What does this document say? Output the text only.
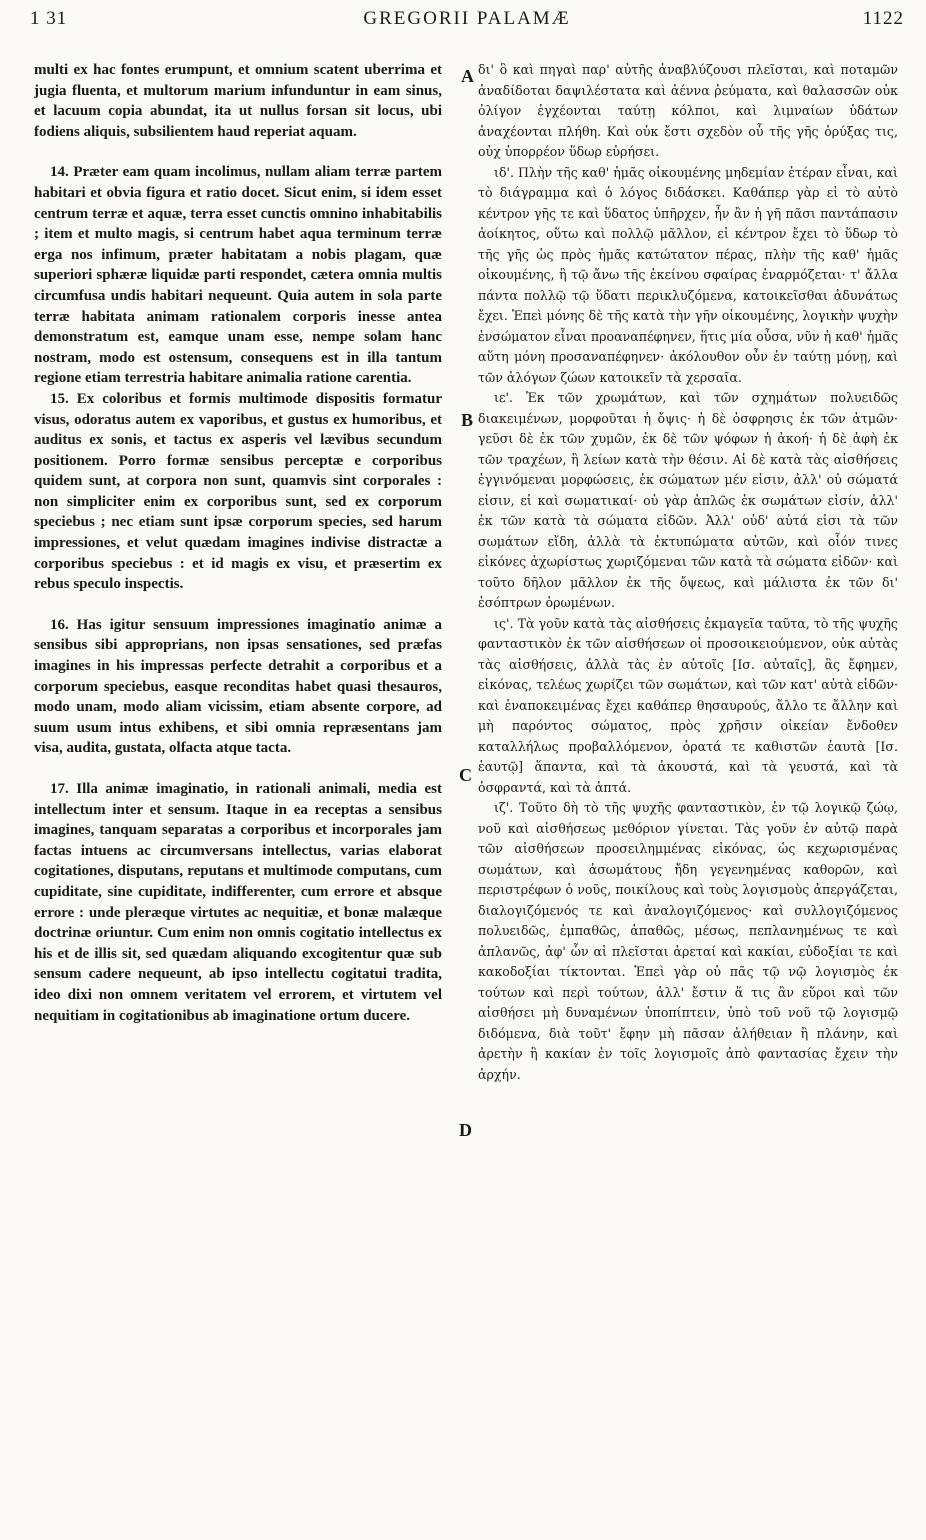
1 31	GREGORII PALAMÆ	1122

multi ex hac fontes erumpunt, et omnium scatent uberrima et jugia fluenta, et multorum marium infunduntur in eam sinus, et lacuum copia abundat, ita ut nullus forsan sit locus, ubi fodiens aliquis, subsilientem haud reperiat aquam.

14. Præter eam quam incolimus, nullam aliam terræ partem habitari et obvia figura et ratio docet. Sicut enim, si idem esset centrum terræ et aquæ, terra esset cunctis omnino inhabitabilis ; item et multo magis, si centrum habet aqua terminum terræ erga nos infimum, præter habitatam a nobis plagam, quæ superiori sphæræ liquidæ parti respondet, cætera omnia multis circumfusa undis habitari nequeunt. Quia autem in sola parte terræ habitata animam rationalem corporis inesse antea demonstratum est, eamque unam esse, nempe solam hanc nostram, modo est ostensum, consequens est in illa tantum regione etiam terrestria habitare animalia ratione carentia.

15. Ex coloribus et formis multimode dispositis formatur visus, odoratus autem ex vaporibus, et gustus ex humoribus, et auditus ex sonis, et tactus ex asperis vel lævibus secundum positionem. Porro formæ sensibus perceptæ e corporibus quidem sunt, at corpora non sunt, quamvis sint corporales : non simpliciter enim ex corporibus sunt, sed ex corporum speciebus ; nec etiam sunt ipsæ corporum species, sed harum impressiones, et velut quædam imagines indivise distractæ a corporibus speciebus : et id magis ex visu, et præsertim ex rebus speculo inspectis.

16. Has igitur sensuum impressiones imaginatio animæ a sensibus sibi approprians, non ipsas sensationes, sed præfas imagines in his impressas perfecte detrahit a corporibus et a corporum speciebus, easque reconditas habet quasi thesauros, modo unam, modo aliam vicissim, etiam absente corpore, ad suum usum intus exhibens, et sibi omnia repræsentans jam visa, audita, gustata, olfacta atque tacta.

17. Illa animæ imaginatio, in rationali animali, media est intellectum inter et sensum. Itaque in ea receptas a sensibus imagines, tanquam separatas a corporibus et incorporales jam factas intuens ac circumversans intellectus, varias elaborat cogitationes, disputans, reputans et multimode computans, cum cupiditate, sine cupiditate, indifferenter, cum errore et absque errore : unde pleræque virtutes ac nequitiæ, et bonæ malæque doctrinæ oriuntur. Cum enim non omnis cogitatio intellectus ex his et de illis sit, sed quædam aliquando excogitentur quæ sub sensum cadere nequeunt, ab ipso intellectu cogitatui tradita, ideo dixi non omnem veritatem vel errorem, et virtutem vel nequitiam in cogitationibus ab imaginatione ortum ducere.

A
B
C
D

δι' ὃ καὶ πηγαὶ παρ' αὐτῆς ἀναβλύζουσι πλεῖσται, καὶ ποταμῶν ἀναδίδοται δαψιλέστατα καὶ ἀέννα ῥεύματα, καὶ θαλασσῶν οὐκ ὀλίγον ἐγχέονται ταύτῃ κόλποι, καὶ λιμναίων ὑδάτων ἀναχέονται πλήθη. Καὶ οὐκ ἔστι σχεδὸν οὗ τῆς γῆς ὀρύξας τις, οὐχ ὑπορρέον ὕδωρ εὑρήσει.

ιδ'. Πλὴν τῆς καθ' ἡμᾶς οἰκουμένης μηδεμίαν ἑτέραν εἶναι, καὶ τὸ διάγραμμα καὶ ὁ λόγος διδάσκει. Καθάπερ γὰρ εἰ τὸ αὐτὸ κέντρον γῆς τε καὶ ὕδατος ὑπῆρχεν, ἦν ἂν ἡ γῆ πᾶσι παντάπασιν ἀοίκητος, οὕτω καὶ πολλῷ μᾶλλον, εἰ κέντρον ἔχει τὸ ὕδωρ τὸ τῆς γῆς ὡς πρὸς ἡμᾶς κατώτατον πέρας, πλὴν τῆς καθ' ἡμᾶς οἰκουμένης, ἣ τῷ ἄνω τῆς ἐκείνου σφαίρας ἐναρμόζεται· τ' ἄλλα πάντα πολλῷ τῷ ὕδατι περικλυζόμενα, κατοικεῖσθαι ἀδυνάτως ἔχει. Ἐπεὶ μόνης δὲ τῆς κατὰ τὴν γῆν οἰκουμένης, λογικὴν ψυχὴν ἐνσώματον εἶναι προαναπέφηνεν, ἥτις μία οὖσα, νῦν ἡ καθ' ἡμᾶς αὕτη μόνη προσαναπέφηνεν· ἀκόλουθον οὖν ἐν ταύτῃ μόνῃ, καὶ τῶν ἀλόγων ζώων κατοικεῖν τὰ χερσαῖα.

ιε'. Ἐκ τῶν χρωμάτων, καὶ τῶν σχημάτων πολυειδῶς διακειμένων, μορφοῦται ἡ ὄψις· ἡ δὲ ὀσφρησις ἐκ τῶν ἀτμῶν· γεῦσι δὲ ἐκ τῶν χυμῶν, ἐκ δὲ τῶν ψόφων ἡ ἀκοή· ἡ δὲ ἁφὴ ἐκ τῶν τραχέων, ἢ λείων κατὰ τὴν θέσιν. Αἱ δὲ κατὰ τὰς αἰσθήσεις ἐγγινόμεναι μορφώσεις, ἐκ σώματων μέν εἰσιν, ἀλλ' οὐ σώματά εἰσιν, εἰ καὶ σωματικαί· οὐ γὰρ ἁπλῶς ἐκ σωμάτων εἰσίν, ἀλλ' ἐκ τῶν κατὰ τὰ σώματα εἰδῶν. Ἀλλ' οὐδ' αὐτά εἰσι τὰ τῶν σωμάτων εἴδη, ἀλλὰ τὰ ἐκτυπώματα αὐτῶν, καὶ οἷόν τινες εἰκόνες ἀχωρίστως χωριζόμεναι τῶν κατὰ τὰ σώματα εἰδῶν· καὶ τοῦτο δῆλον μᾶλλον ἐκ τῆς ὄψεως, καὶ μάλιστα ἐκ τῶν δι' ἐσόπτρων ὁρωμένων.

ις'. Τὰ γοῦν κατὰ τὰς αἰσθήσεις ἐκμαγεῖα ταῦτα, τὸ τῆς ψυχῆς φανταστικὸν ἐκ τῶν αἰσθήσεων οἰ προσοικειούμενον, οὐκ αὐτὰς τὰς αἰσθήσεις, ἀλλὰ τὰς ἐν αὐτοῖς [Ισ. αὐταῖς], ἃς ἔφημεν, εἰκόνας, τελέως χωρίζει τῶν σωμάτων, καὶ τῶν κατ' αὐτὰ εἰδῶν· καὶ ἐναποκειμένας ἔχει καθάπερ θησαυρούς, ἄλλο τε ἄλλην καὶ μὴ παρόντος σώματος, πρὸς χρῆσιν οἰκείαν ἔνδοθεν καταλλήλως προβαλλόμενον, ὁρατά τε καθιστῶν ἑαυτὰ [Ισ. ἑαυτῷ] ἅπαντα, καὶ τὰ ἀκουστά, καὶ τὰ γευστά, καὶ τὰ ὀσφραντά, καὶ τὰ ἁπτά.

ιζ'. Τοῦτο δὴ τὸ τῆς ψυχῆς φανταστικὸν, ἐν τῷ λογικῷ ζώῳ, νοῦ καὶ αἰσθήσεως μεθόριον γίνεται. Τὰς γοῦν ἐν αὐτῷ παρὰ τῶν αἰσθήσεων προσειλημμένας εἰκόνας, ὡς κεχωρισμένας σωμάτων, καὶ ἀσωμάτους ἤδη γεγενημένας καθορῶν, καὶ περιστρέφων ὁ νοῦς, ποικίλους καὶ τοὺς λογισμοὺς ἀπεργάζεται, διαλογιζόμενός τε καὶ ἀναλογιζόμενος· καὶ συλλογιζόμενος πολυειδῶς, ἐμπαθῶς, ἀπαθῶς, μέσως, πεπλανημένως τε καὶ ἀπλανῶς, ἀφ' ὧν αἱ πλεῖσται ἀρεταί καὶ κακίαι, εὐδοξίαι τε καὶ κακοδοξίαι τίκτονται. Ἐπεὶ γὰρ οὐ πᾶς τῷ νῷ λογισμὸς ἐκ τούτων καὶ περὶ τούτων, ἀλλ' ἔστιν ἅ τις ἂν εὕροι καὶ τῶν αἰσθήσει μὴ δυναμένων ὑποπίπτειν, ὑπὸ τοῦ νοῦ τῷ λογισμῷ διδόμενα, διὰ τοῦτ' ἔφην μὴ πᾶσαν ἀλήθειαν ἢ πλάνην, καὶ ἀρετὴν ἢ κακίαν ἐν τοῖς λογισμοῖς ἀπὸ φαντασίας ἔχειν τὴν ἀρχήν.
